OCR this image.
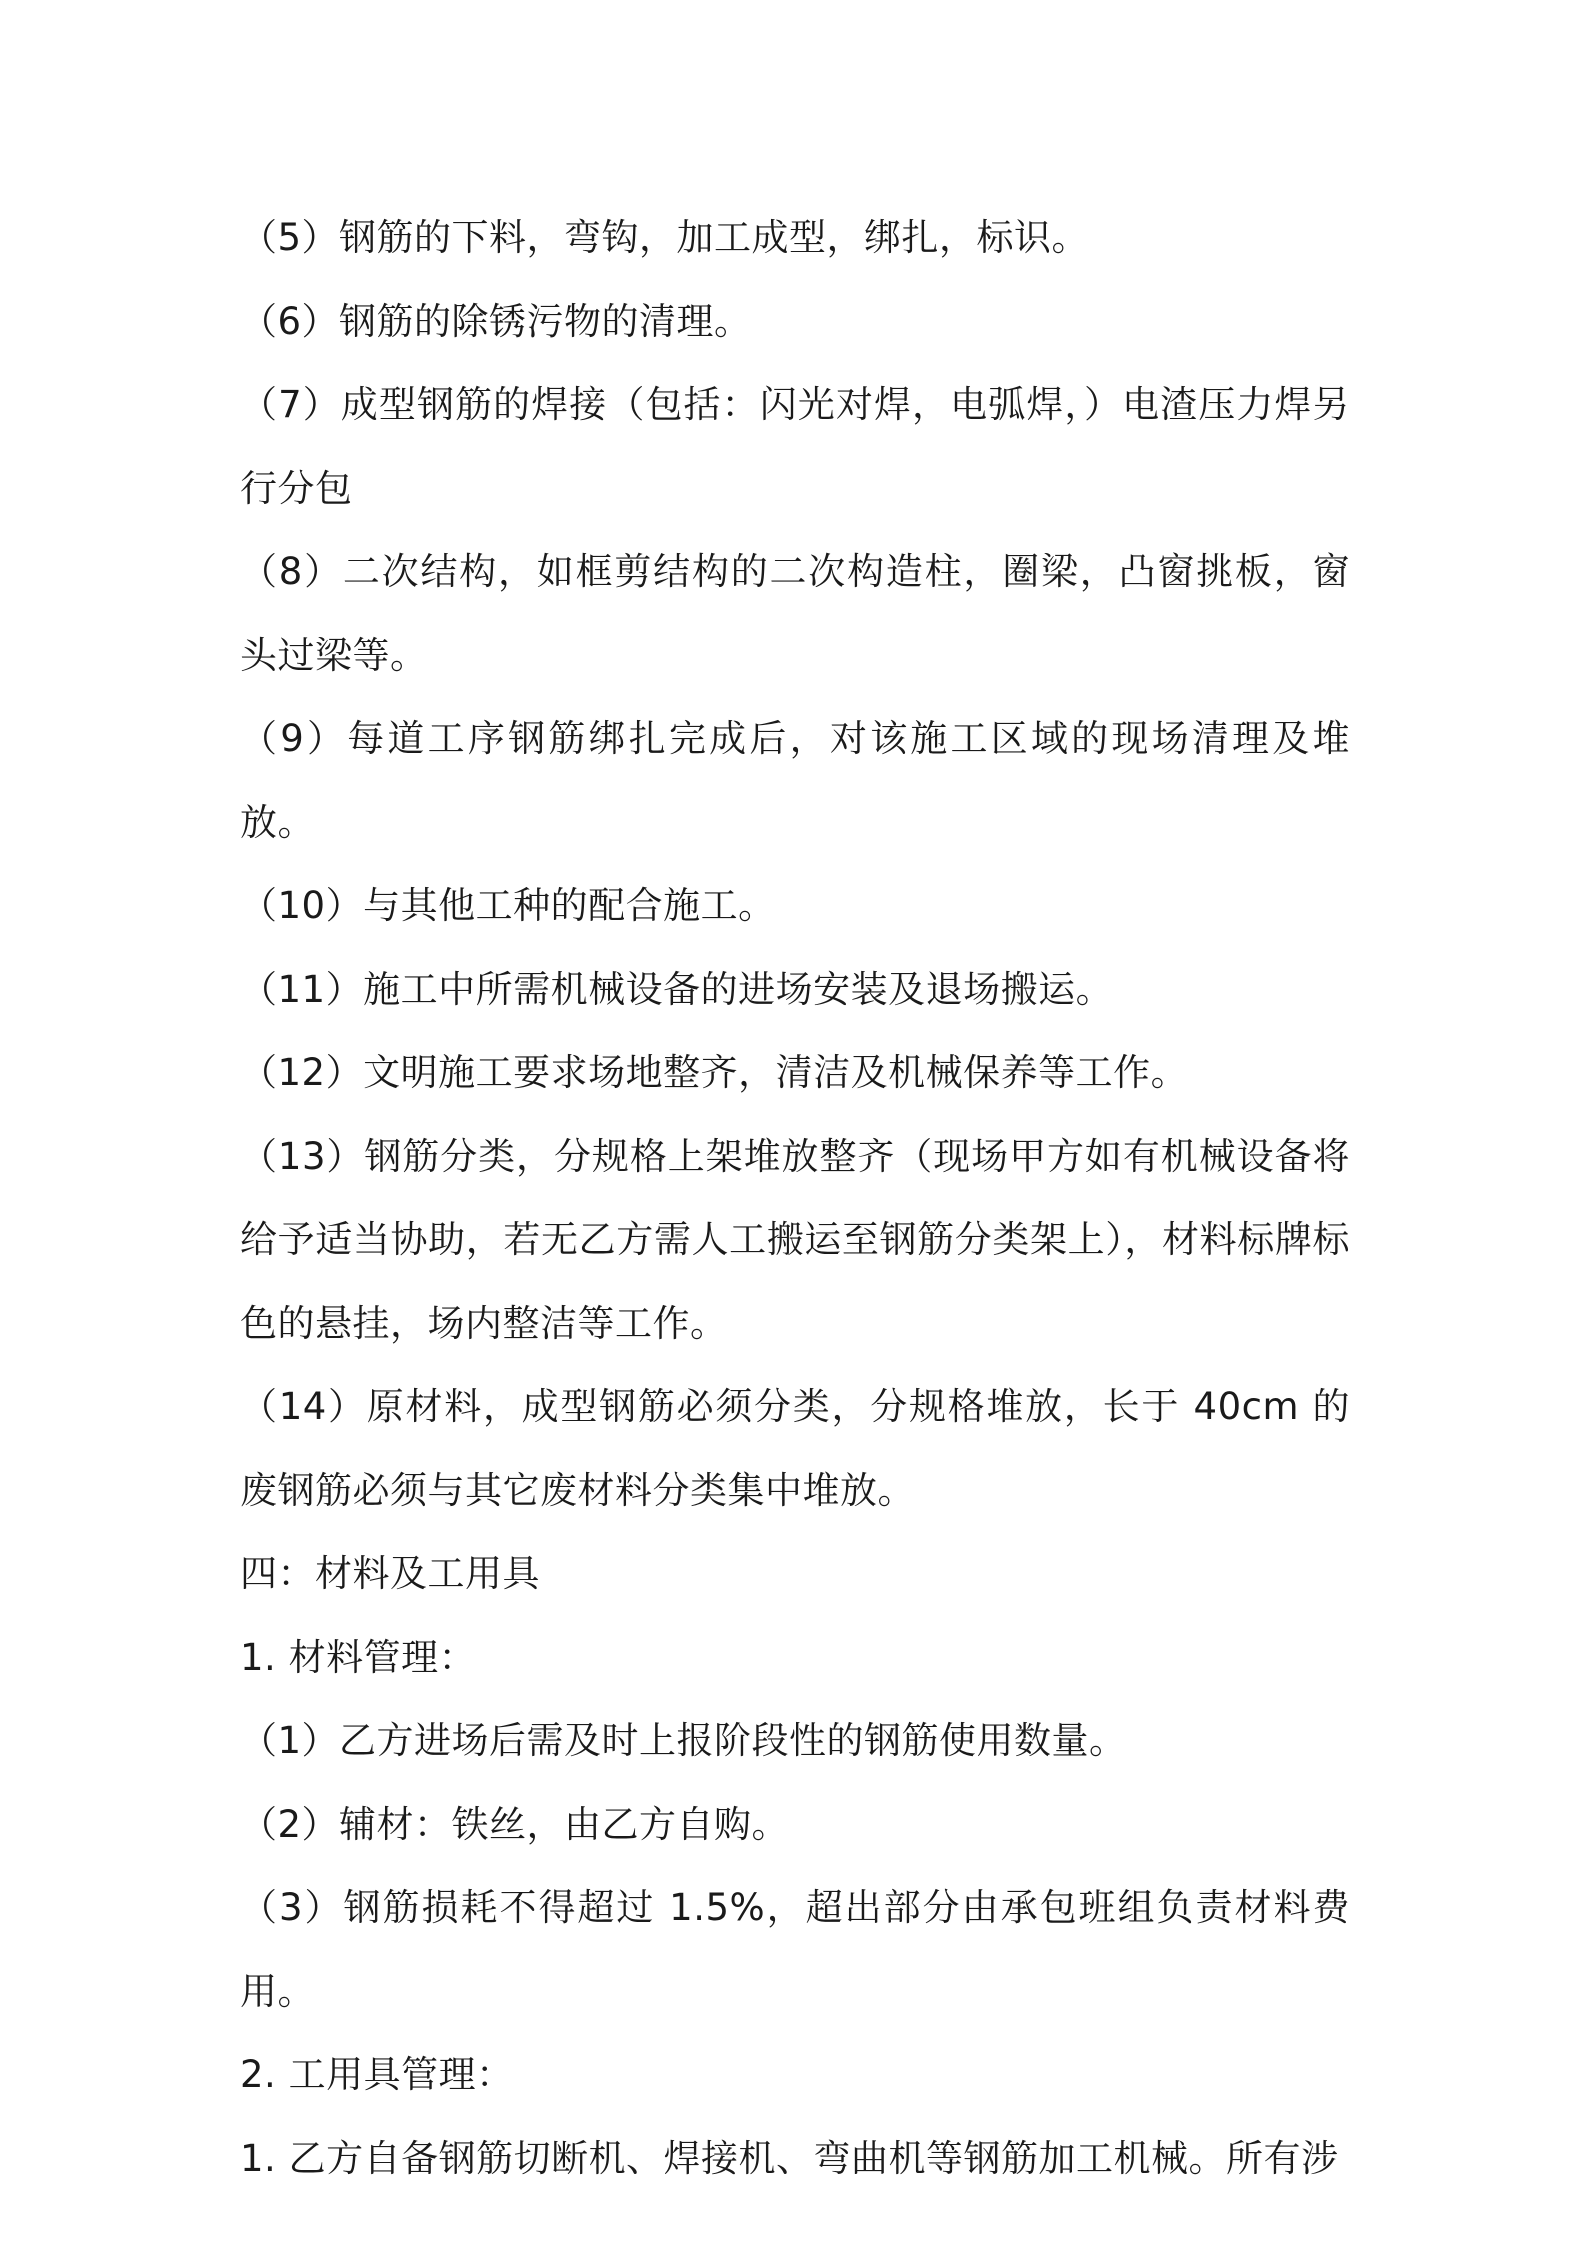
（5）钢筋的下料，弯钩，加工成型，绑扎，标识。

（6）钢筋的除锈污物的清理。

（7）成型钢筋的焊接（包括：闪光对焊，电弧焊，）电渣压力焊另行分包

（8）二次结构，如框剪结构的二次构造柱，圈梁，凸窗挑板，窗头过梁等。

（9）每道工序钢筋绑扎完成后，对该施工区域的现场清理及堆放。

（10）与其他工种的配合施工。

（11）施工中所需机械设备的进场安装及退场搬运。

（12）文明施工要求场地整齐，清洁及机械保养等工作。

（13）钢筋分类，分规格上架堆放整齐（现场甲方如有机械设备将给予适当协助，若无乙方需人工搬运至钢筋分类架上），材料标牌标色的悬挂，场内整洁等工作。

（14）原材料，成型钢筋必须分类，分规格堆放，长于 40cm 的废钢筋必须与其它废材料分类集中堆放。

四：材料及工用具

1. 材料管理：

（1）乙方进场后需及时上报阶段性的钢筋使用数量。

（2）辅材：铁丝，由乙方自购。

（3）钢筋损耗不得超过 1.5%，超出部分由承包班组负责材料费用。

2. 工用具管理：

1. 乙方自备钢筋切断机、焊接机、弯曲机等钢筋加工机械。所有涉
